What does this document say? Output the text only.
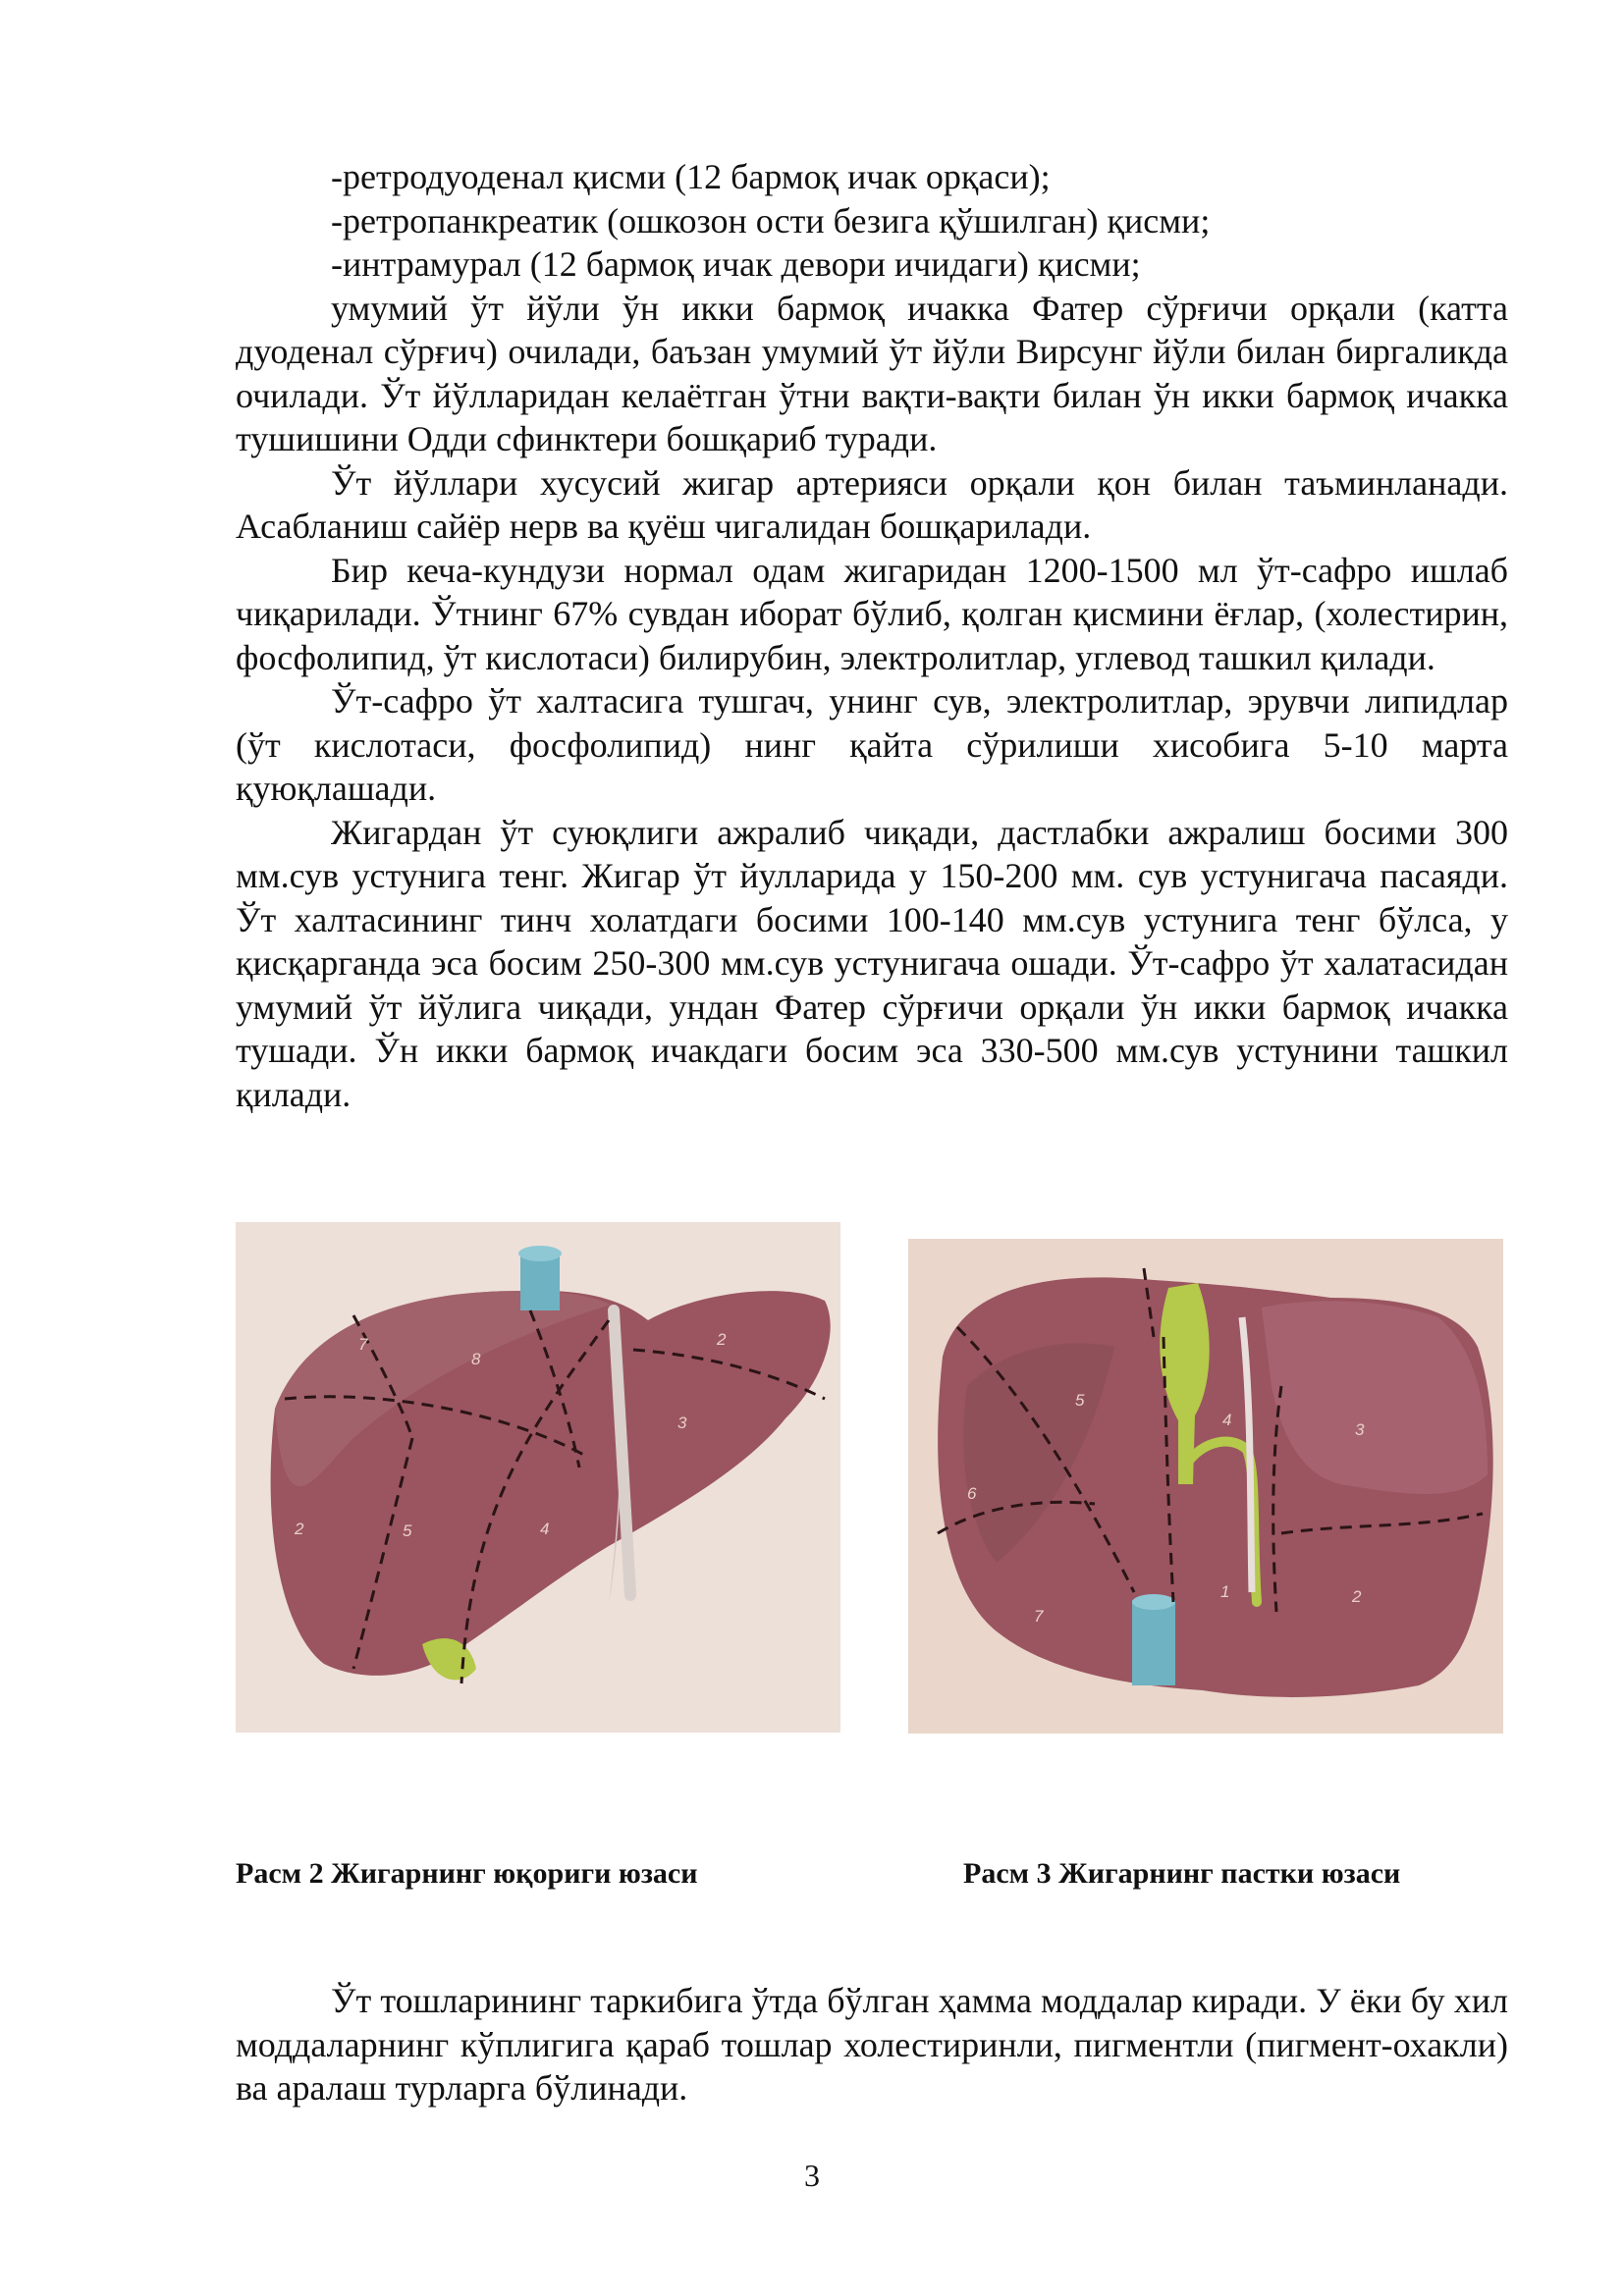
-ретродуоденал қисми (12 бармоқ ичак орқаси);

-ретропанкреатик (ошкозон ости безига қўшилган) қисми;

-интрамурал (12 бармоқ ичак девори ичидаги) қисми;

умумий ўт йўли ўн икки бармоқ ичакка Фатер сўрғичи орқали (катта дуоденал сўрғич) очилади, баъзан умумий ўт йўли Вирсунг йўли билан биргаликда очилади. Ўт йўлларидан келаётган ўтни вақти-вақти билан ўн икки бармоқ ичакка тушишини Одди сфинктери бошқариб туради.

Ўт йўллари хусусий жигар артерияси орқали қон билан таъминланади. Асабланиш сайёр нерв ва қуёш чигалидан бошқарилади.

Бир кеча-кундузи нормал одам жигаридан 1200-1500 мл ўт-сафро ишлаб чиқарилади. Ўтнинг 67% сувдан иборат бўлиб, қолган қисмини ёғлар, (холестирин, фосфолипид, ўт кислотаси) билирубин, электролитлар, углевод ташкил қилади.

Ўт-сафро ўт халтасига тушгач, унинг сув, электролитлар, эрувчи липидлар (ўт кислотаси, фосфолипид) нинг қайта сўрилиши хисобига 5-10 марта қуюқлашади.

Жигардан ўт суюқлиги ажралиб чиқади, дастлабки ажралиш босими 300 мм.сув устунига тенг. Жигар ўт йулларида у 150-200 мм. сув устунигача пасаяди. Ўт халтасининг тинч холатдаги босими 100-140 мм.сув устунига тенг бўлса, у қисқарганда эса босим 250-300 мм.сув устунигача ошади. Ўт-сафро ўт халатасидан умумий ўт йўлига чиқади, ундан Фатер сўрғичи орқали ўн икки бармоқ ичакка тушади. Ўн икки бармоқ ичакдаги босим эса 330-500 мм.сув устунини ташкил қилади.

7
8
2
3
2	5	4
5
4
3
6
1	2
7
Расм 2 Жигарнинг юқориги юзаси	Расм 3 Жигарнинг пастки юзаси

Ўт тошларининг таркибига ўтда бўлган ҳамма моддалар киради. У ёки бу хил моддаларнинг кўплигига қараб тошлар холестиринли, пигментли (пигмент-охакли) ва аралаш турларга бўлинади.

3
